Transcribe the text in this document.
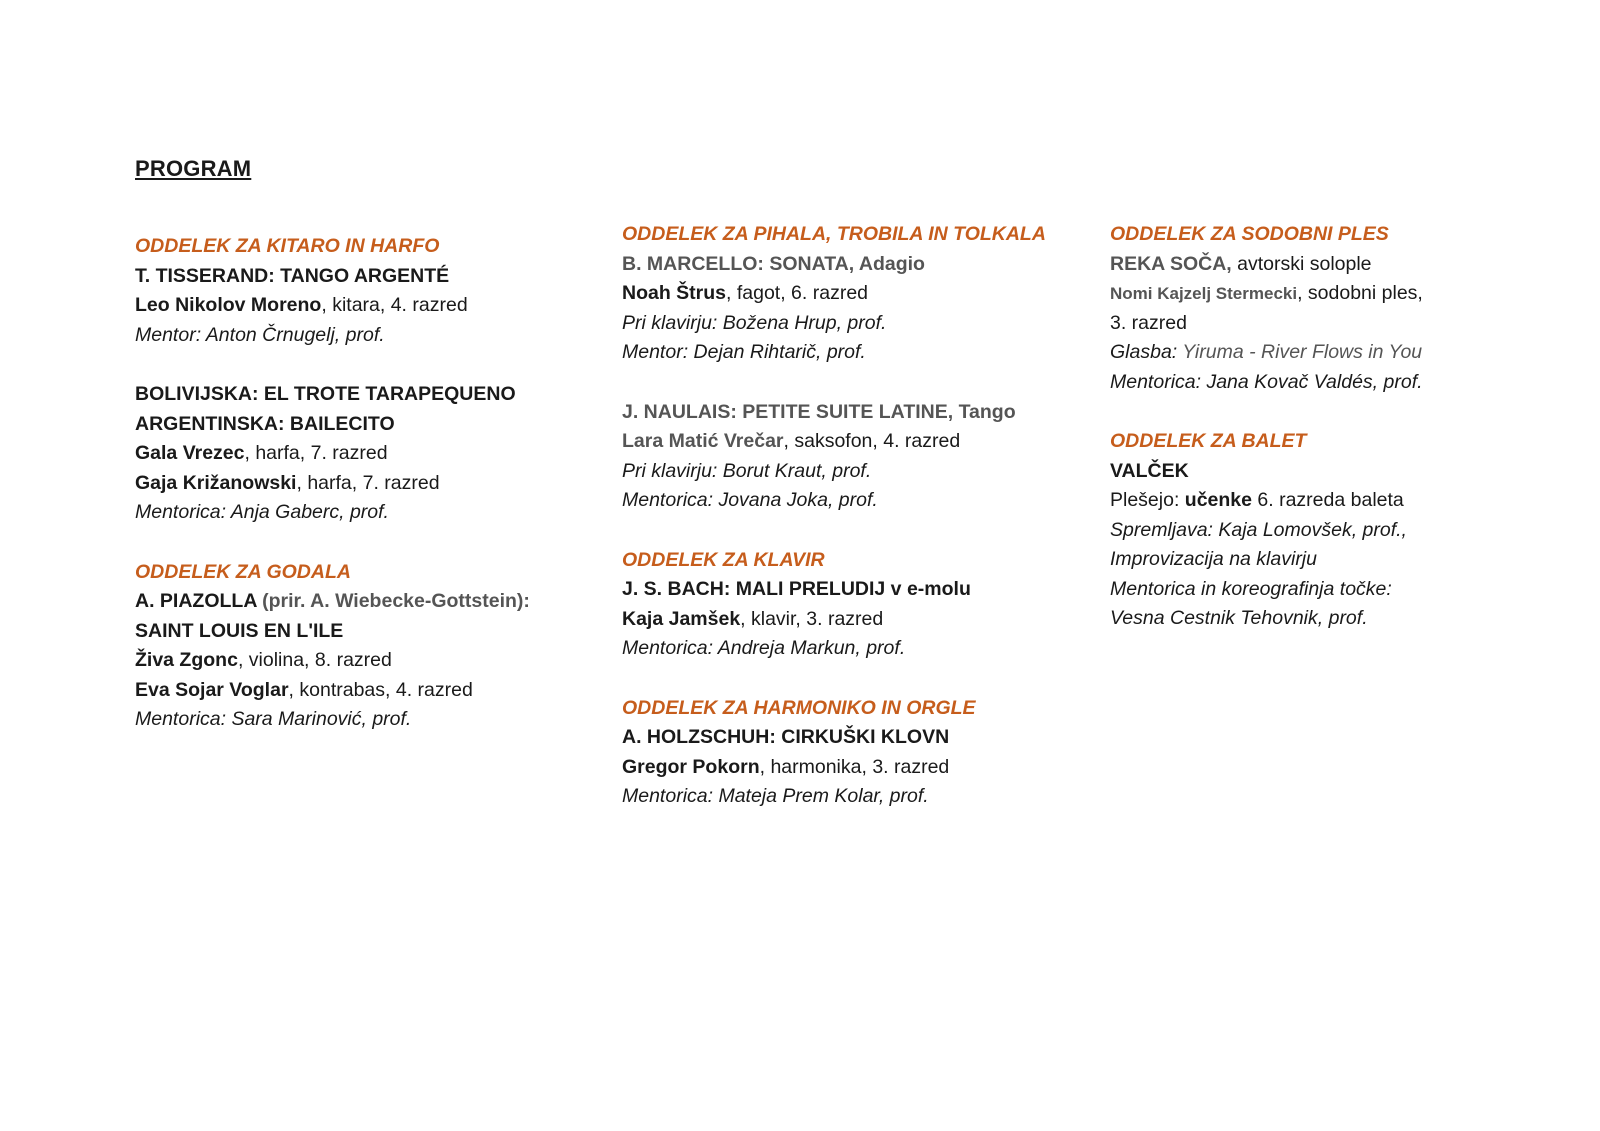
PROGRAM
ODDELEK ZA KITARO IN HARFO
T. TISSERAND: TANGO ARGENTÉ
Leo Nikolov Moreno, kitara, 4. razred
Mentor: Anton Črnugelj, prof.
BOLIVIJSKA: EL TROTE TARAPEQUENO
ARGENTINSKA: BAILECITO
Gala Vrezec, harfa, 7. razred
Gaja Križanowski, harfa, 7. razred
Mentorica: Anja Gaberc, prof.
ODDELEK ZA GODALA
A. PIAZOLLA (prir. A. Wiebecke-Gottstein):
SAINT LOUIS EN L'ILE
Živa Zgonc, violina, 8. razred
Eva Sojar Voglar, kontrabas, 4. razred
Mentorica: Sara Marinović, prof.
ODDELEK ZA PIHALA, TROBILA IN TOLKALA
B. MARCELLO: SONATA, Adagio
Noah Štrus, fagot, 6. razred
Pri klavirju: Božena Hrup, prof.
Mentor: Dejan Rihtarič, prof.
J. NAULAIS: PETITE SUITE LATINE, Tango
Lara Matić Vrečar, saksofon, 4. razred
Pri klavirju: Borut Kraut, prof.
Mentorica: Jovana Joka, prof.
ODDELEK ZA KLAVIR
J. S. BACH: MALI PRELUDIJ v e-molu
Kaja Jamšek, klavir, 3. razred
Mentorica: Andreja Markun, prof.
ODDELEK ZA HARMONIKO IN ORGLE
A. HOLZSCHUH: CIRKUŠKI KLOVN
Gregor Pokorn, harmonika, 3. razred
Mentorica: Mateja Prem Kolar, prof.
ODDELEK ZA SODOBNI PLES
REKA SOČA, avtorski solople
Nomi Kajzelj Stermecki, sodobni ples,
3. razred
Glasba: Yiruma - River Flows in You
Mentorica: Jana Kovač Valdés, prof.
ODDELEK ZA BALET
VALČEK
Plešejo: učenke 6. razreda baleta
Spremljava: Kaja Lomovšek, prof.,
Improvizacija na klavirju
Mentorica in koreografinja točke:
Vesna Cestnik Tehovnik, prof.
